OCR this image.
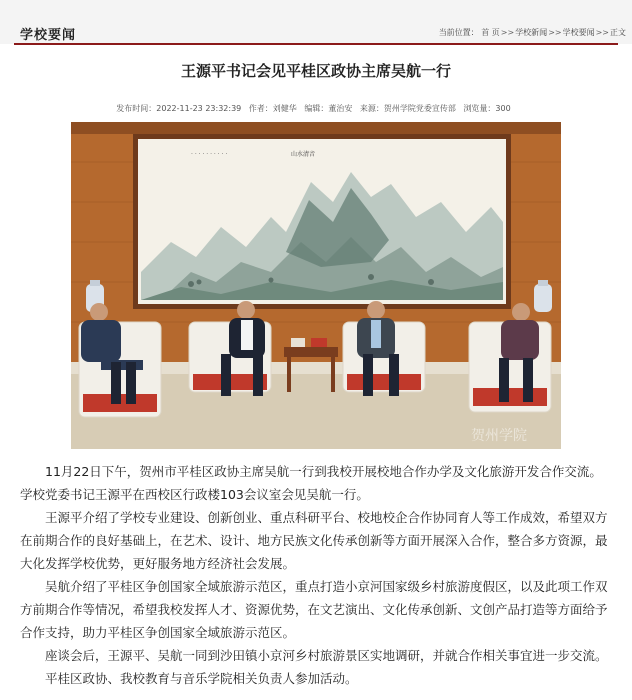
学校要闻	当前位置： 首 页>>学校新闻>>学校要闻>>正文
王源平书记会见平桂区政协主席吴航一行
发布时间：2022-11-23 23:32:39 作者：刘健华 编辑：董治安 来源：贺州学院党委宣传部 浏览量：300
· · · · · · · · · ·	山水清音
贺州学院

11月22日下午，贺州市平桂区政协主席吴航一行到我校开展校地合作办学及文化旅游开发合作交流。学校党委书记王源平在西校区行政楼103会议室会见吴航一行。

王源平介绍了学校专业建设、创新创业、重点科研平台、校地校企合作协同育人等工作成效，希望双方在前期合作的良好基础上，在艺术、设计、地方民族文化传承创新等方面开展深入合作，整合多方资源，最大化发挥学校优势，更好服务地方经济社会发展。

吴航介绍了平桂区争创国家全域旅游示范区，重点打造小京河国家级乡村旅游度假区，以及此项工作双方前期合作等情况，希望我校发挥人才、资源优势，在文艺演出、文化传承创新、文创产品打造等方面给予合作支持，助力平桂区争创国家全域旅游示范区。

座谈会后，王源平、吴航一同到沙田镇小京河乡村旅游景区实地调研，并就合作相关事宜进一步交流。

平桂区政协、我校教育与音乐学院相关负责人参加活动。
